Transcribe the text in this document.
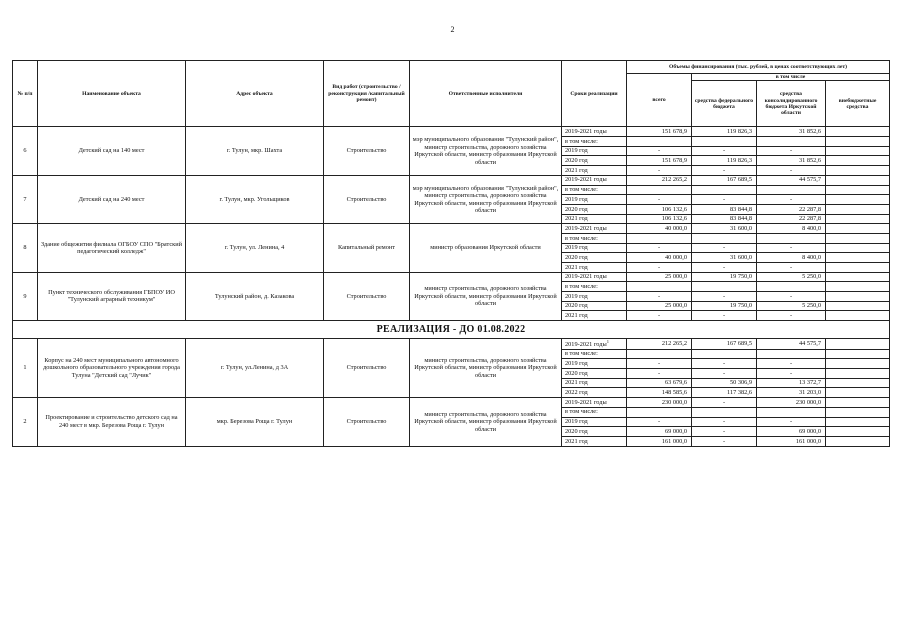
2
№ п/п	Наименование объекта	Адрес объекта	Вид работ (строительство /реконструкция /капитальный ремонт)	Ответственные исполнители	Сроки реализации	Объемы финансирования (тыс. рублей, в ценах соответствующих лет)			
						всего	в том числе		
							средства федерального бюджета	средства консолидированного бюджета Иркутской области	внебюджетные средства
6	Детский сад на 140 мест	г. Тулун, мкр. Шахта	Строительство	мэр муниципального образования "Тулунский район", министр строительства, дорожного хозяйства Иркутской области, министр образования Иркутской области	2019-2021 годы	151 678,9	119 826,3	31 852,6	
					в том числе:				
					2019 год	-	-	-	
					2020 год	151 678,9	119 826,3	31 852,6	
					2021 год	-	-	-	
7	Детский сад на 240 мест	г. Тулун, мкр. Угольщиков	Строительство	мэр муниципального образования "Тулунский район", министр строительства, дорожного хозяйства Иркутской области, министр образования Иркутской области	2019-2021 годы	212 265,2	167 689,5	44 575,7	
					в том числе:				
					2019 год	-	-	-	
					2020 год	106 132,6	83 844,8	22 287,8	
					2021 год	106 132,6	83 844,8	22 287,8	
8	Здание общежития филиала ОГБОУ СПО "Братский педагогический колледж"	г. Тулун, ул. Ленина, 4	Капитальный ремонт	министр образования Иркутской области	2019-2021 годы	40 000,0	31 600,0	8 400,0	
					в том числе:				
					2019 год	-	-	-	
					2020 год	40 000,0	31 600,0	8 400,0	
					2021 год	-	-	-	
9	Пункт технического обслуживания ГБПОУ ИО "Тулунский аграрный техникум"	Тулунский район, д. Казакова	Строительство	министр строительства, дорожного хозяйства Иркутской области, министр образования Иркутской области	2019-2021 годы	25 000,0	19 750,0	5 250,0	
					в том числе:				
					2019 год	-	-	-	
					2020 год	25 000,0	19 750,0	5 250,0	
					2021 год	-	-	-	
РЕАЛИЗАЦИЯ - ДО 01.08.2022									
1	Корпус на 240 мест муниципального автономного дошкольного образовательного учреждения города Тулуна "Детский сад "Лучик"	г. Тулун, ул.Ленина, д 3А	Строительство	министр строительства, дорожного хозяйства Иркутской области, министр образования Иркутской области	2019-2021 годы$^1$	212 265,2	167 689,5	44 575,7	
					в том числе:				
					2019 год	-	-	-	
					2020 год	-	-	-	
					2021 год	63 679,6	50 306,9	13 372,7	
					2022 год	148 585,6	117 382,6	31 203,0	
2	Проектирование и строительство детского сад на 240 мест в мкр. Березова Роща г. Тулун	мкр. Березова Роща г. Тулун	Строительство	министр строительства, дорожного хозяйства Иркутской области, министр образования Иркутской области	2019-2021 годы	230 000,0	-	230 000,0	
					в том числе:				
					2019 год	-	-	-	
					2020 год	69 000,0	-	69 000,0	
					2021 год	161 000,0	-	161 000,0	
